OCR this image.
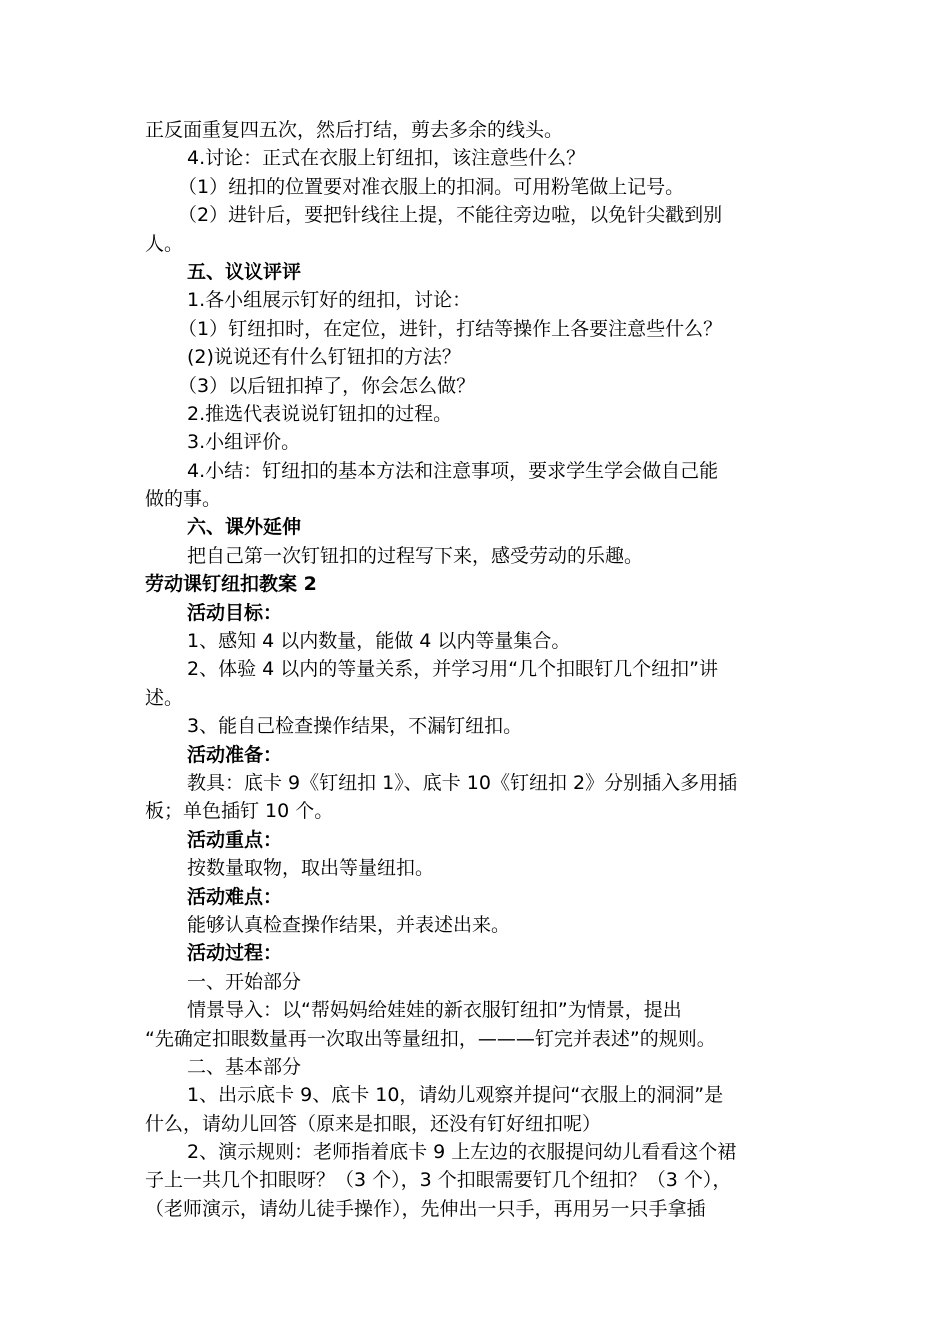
正反面重复四五次，然后打结，剪去多余的线头。
4.讨论：正式在衣服上钉纽扣，该注意些什么？
（1）纽扣的位置要对准衣服上的扣洞。可用粉笔做上记号。
（2）进针后，要把针线往上提，不能往旁边啦，以免针尖戳到别
人。
五、议议评评
1.各小组展示钉好的纽扣，讨论：
（1）钉纽扣时，在定位，进针，打结等操作上各要注意些什么？
(2)说说还有什么钉钮扣的方法？
（3）以后钮扣掉了，你会怎么做？
2.推选代表说说钉钮扣的过程。
3.小组评价。
4.小结：钉纽扣的基本方法和注意事项，要求学生学会做自己能
做的事。
六、课外延伸
把自己第一次钉钮扣的过程写下来，感受劳动的乐趣。
劳动课钉纽扣教案 2
活动目标：
1、感知 4 以内数量，能做 4 以内等量集合。
2、体验 4 以内的等量关系，并学习用“几个扣眼钉几个纽扣”讲
述。
3、能自己检查操作结果，不漏钉纽扣。
活动准备：
教具：底卡 9《钉纽扣 1》、底卡 10《钉纽扣 2》分别插入多用插
板；单色插钉 10 个。
活动重点：
按数量取物，取出等量纽扣。
活动难点：
能够认真检查操作结果，并表述出来。
活动过程：
一、开始部分
情景导入：以“帮妈妈给娃娃的新衣服钉纽扣”为情景，提出
“先确定扣眼数量再一次取出等量纽扣，———钉完并表述”的规则。
二、基本部分
1、出示底卡 9、底卡 10，请幼儿观察并提问“衣服上的洞洞”是
什么，请幼儿回答（原来是扣眼，还没有钉好纽扣呢）
2、演示规则：老师指着底卡 9 上左边的衣服提问幼儿看看这个裙
子上一共几个扣眼呀？（3 个），3 个扣眼需要钉几个纽扣？（3 个），
（老师演示，请幼儿徒手操作），先伸出一只手，再用另一只手拿插
